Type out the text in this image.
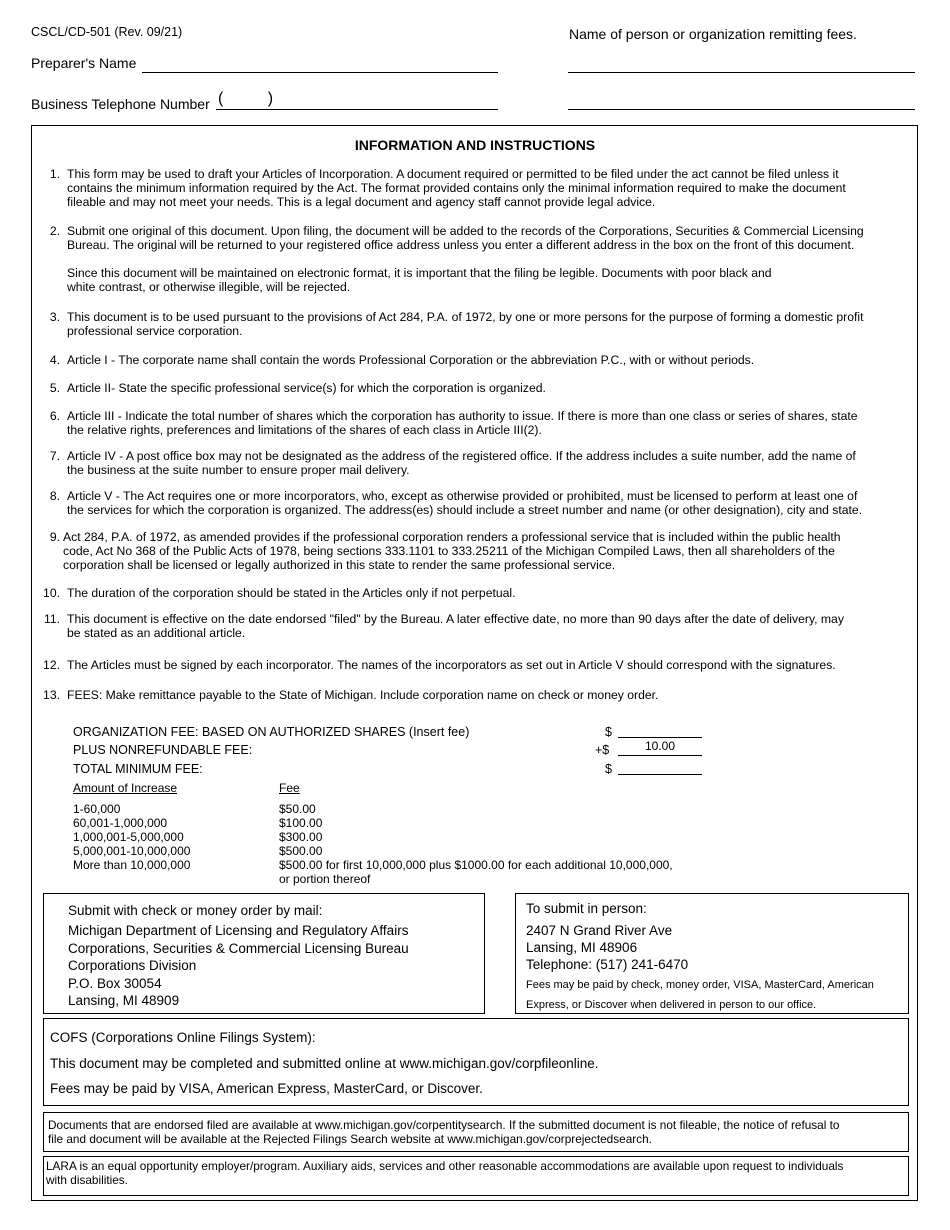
CSCL/CD-501 (Rev. 09/21)	Name of person or organization remitting fees.
Preparer's Name
Business Telephone Number (          )
INFORMATION AND INSTRUCTIONS
1. This form may be used to draft your Articles of Incorporation. A document required or permitted to be filed under the act cannot be filed unless it
contains the minimum information required by the Act. The format provided contains only the minimal information required to make the document
fileable and may not meet your needs. This is a legal document and agency staff cannot provide legal advice.
2. Submit one original of this document. Upon filing, the document will be added to the records of the Corporations, Securities & Commercial Licensing
Bureau. The original will be returned to your registered office address unless you enter a different address in the box on the front of this document.
Since this document will be maintained on electronic format, it is important that the filing be legible. Documents with poor black and
white contrast, or otherwise illegible, will be rejected.
3. This document is to be used pursuant to the provisions of Act 284, P.A. of 1972, by one or more persons for the purpose of forming a domestic profit
professional service corporation.
4. Article I - The corporate name shall contain the words Professional Corporation or the abbreviation P.C., with or without periods.
5. Article II- State the specific professional service(s) for which the corporation is organized.
6. Article III - Indicate the total number of shares which the corporation has authority to issue. If there is more than one class or series of shares, state
the relative rights, preferences and limitations of the shares of each class in Article III(2).
7. Article IV - A post office box may not be designated as the address of the registered office. If the address includes a suite number, add the name of
the business at the suite number to ensure proper mail delivery.
8. Article V - The Act requires one or more incorporators, who, except as otherwise provided or prohibited, must be licensed to perform at least one of
the services for which the corporation is organized. The address(es) should include a street number and name (or other designation), city and state.
9. Act 284, P.A. of 1972, as amended provides if the professional corporation renders a professional service that is included within the public health
code, Act No 368 of the Public Acts of 1978, being sections 333.1101 to 333.25211 of the Michigan Compiled Laws, then all shareholders of the
corporation shall be licensed or legally authorized in this state to render the same professional service.
10. The duration of the corporation should be stated in the Articles only if not perpetual.
11. This document is effective on the date endorsed "filed" by the Bureau. A later effective date, no more than 90 days after the date of delivery, may
be stated as an additional article.
12. The Articles must be signed by each incorporator. The names of the incorporators as set out in Article V should correspond with the signatures.
13. FEES: Make remittance payable to the State of Michigan. Include corporation name on check or money order.
ORGANIZATION FEE: BASED ON AUTHORIZED SHARES (Insert fee)	$
PLUS NONREFUNDABLE FEE:	+$	10.00
TOTAL MINIMUM FEE:	$
Amount of Increase	Fee
1-60,000	$50.00
60,001-1,000,000	$100.00
1,000,001-5,000,000	$300.00
5,000,001-10,000,000	$500.00
More than 10,000,000	$500.00 for first 10,000,000 plus $1000.00 for each additional 10,000,000,
or portion thereof
Submit with check or money order by mail:
Michigan Department of Licensing and Regulatory Affairs
Corporations, Securities & Commercial Licensing Bureau
Corporations Division
P.O. Box 30054
Lansing, MI 48909
To submit in person:
2407 N Grand River Ave
Lansing, MI 48906
Telephone: (517) 241-6470
Fees may be paid by check, money order, VISA, MasterCard, American
Express, or Discover when delivered in person to our office.
COFS (Corporations Online Filings System):
This document may be completed and submitted online at www.michigan.gov/corpfileonline.
Fees may be paid by VISA, American Express, MasterCard, or Discover.
Documents that are endorsed filed are available at www.michigan.gov/corpentitysearch. If the submitted document is not fileable, the notice of refusal to
file and document will be available at the Rejected Filings Search website at www.michigan.gov/corprejectedsearch.
LARA is an equal opportunity employer/program. Auxiliary aids, services and other reasonable accommodations are available upon request to individuals
with disabilities.
